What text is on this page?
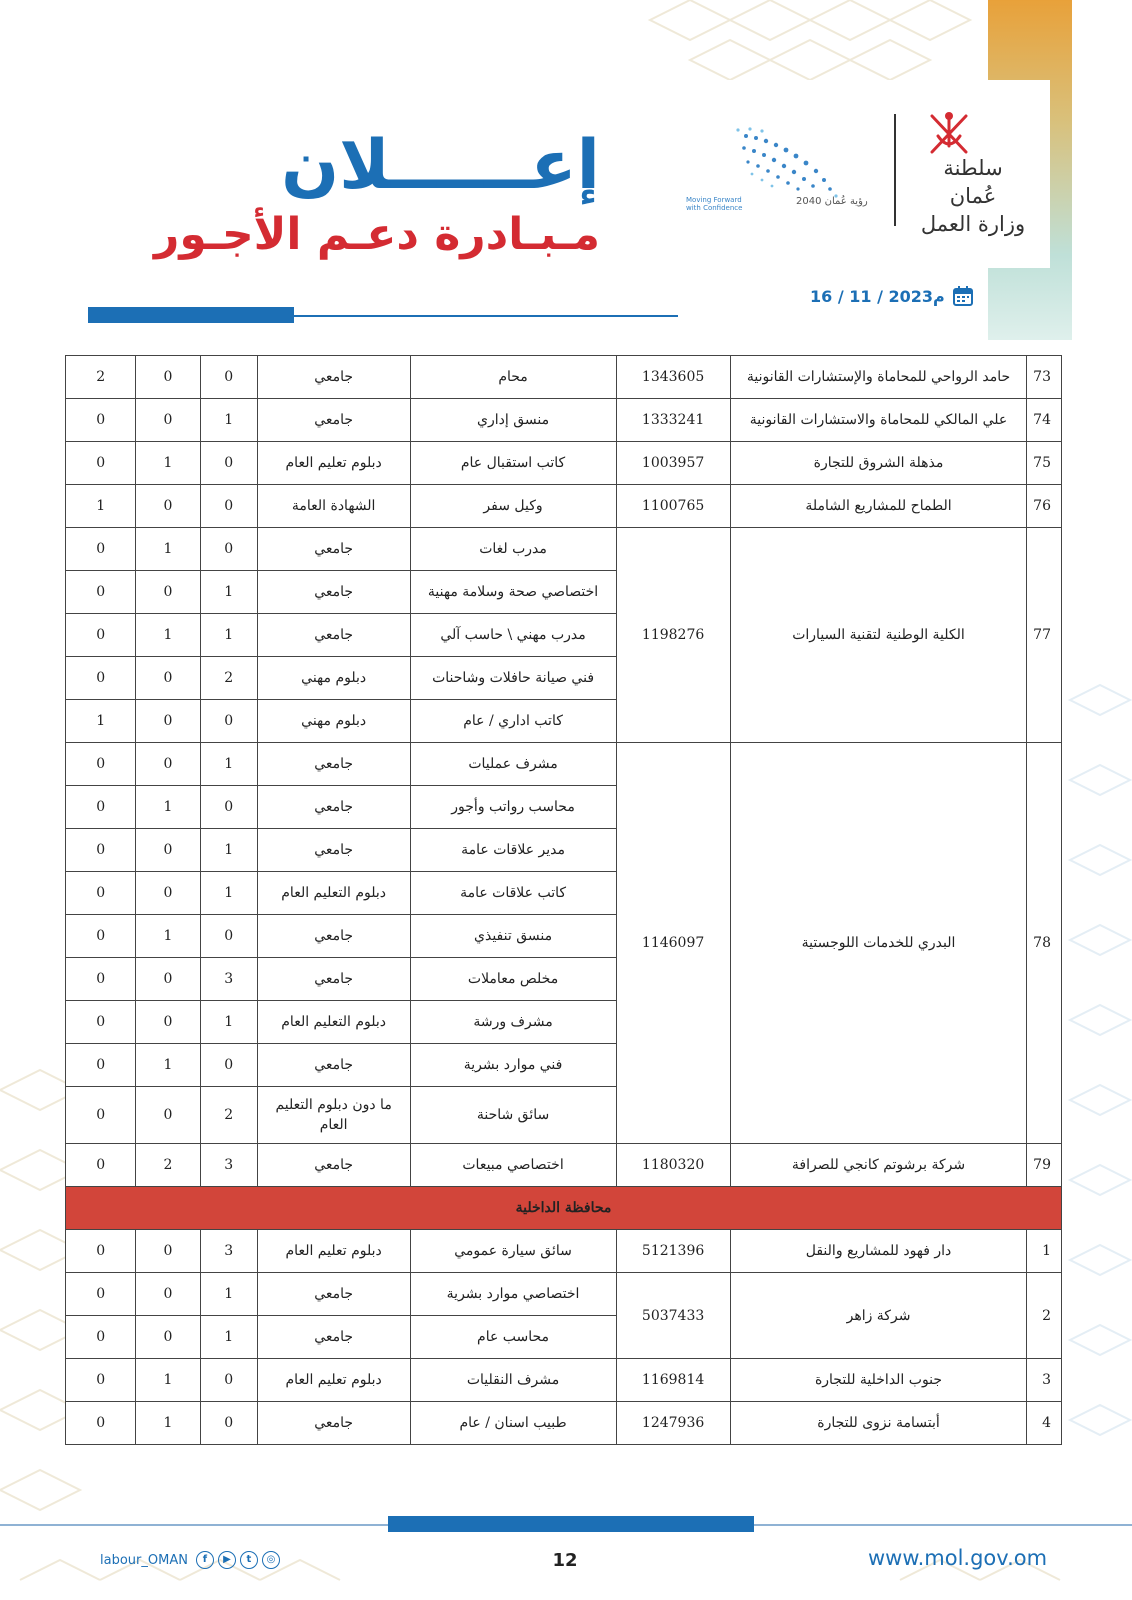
إعــــــلان
مـبـادرة دعـم الأجـور
رؤية عُمان 2040
Moving Forward with Confidence
سلطنة عُمان
وزارة العمل
16 / 11 / 2023م
73	حامد الرواحي للمحاماة والإستشارات القانونية	1343605	محام	جامعي	0	0	2
74	علي المالكي للمحاماة والاستشارات القانونية	1333241	منسق إداري	جامعي	1	0	0
75	مذهلة الشروق للتجارة	1003957	كاتب استقبال عام	دبلوم تعليم العام	0	1	0
76	الطماح للمشاريع الشاملة	1100765	وكيل سفر	الشهادة العامة	0	0	1
77	الكلية الوطنية لتقنية السيارات	1198276	مدرب لغات	جامعي	0	1	0
			اختصاصي صحة وسلامة مهنية	جامعي	1	0	0
			مدرب مهني \ حاسب آلي	جامعي	1	1	0
			فني صيانة حافلات وشاحنات	دبلوم مهني	2	0	0
			كاتب اداري / عام	دبلوم مهني	0	0	1
78	البدري للخدمات اللوجستية	1146097	مشرف عمليات	جامعي	1	0	0
			محاسب رواتب وأجور	جامعي	0	1	0
			مدير علاقات عامة	جامعي	1	0	0
			كاتب علاقات عامة	دبلوم التعليم العام	1	0	0
			منسق تنفيذي	جامعي	0	1	0
			مخلص معاملات	جامعي	3	0	0
			مشرف ورشة	دبلوم التعليم العام	1	0	0
			فني موارد بشرية	جامعي	0	1	0
			سائق شاحنة	ما دون دبلوم التعليم العام	2	0	0
79	شركة برشوتم كانجي للصرافة	1180320	اختصاصي مبيعات	جامعي	3	2	0
محافظة الداخلية							
1	دار فهود للمشاريع والنقل	5121396	سائق سيارة عمومي	دبلوم تعليم العام	3	0	0
2	شركة زاهر	5037433	اختصاصي موارد بشرية	جامعي	1	0	0
			محاسب عام	جامعي	1	0	0
3	جنوب الداخلية للتجارة	1169814	مشرف النقليات	دبلوم تعليم العام	0	1	0
4	أبتسامة نزوى للتجارة	1247936	طبيب اسنان / عام	جامعي	0	1	0
labour_OMAN	f	▶	t	◎	12	www.mol.gov.om
